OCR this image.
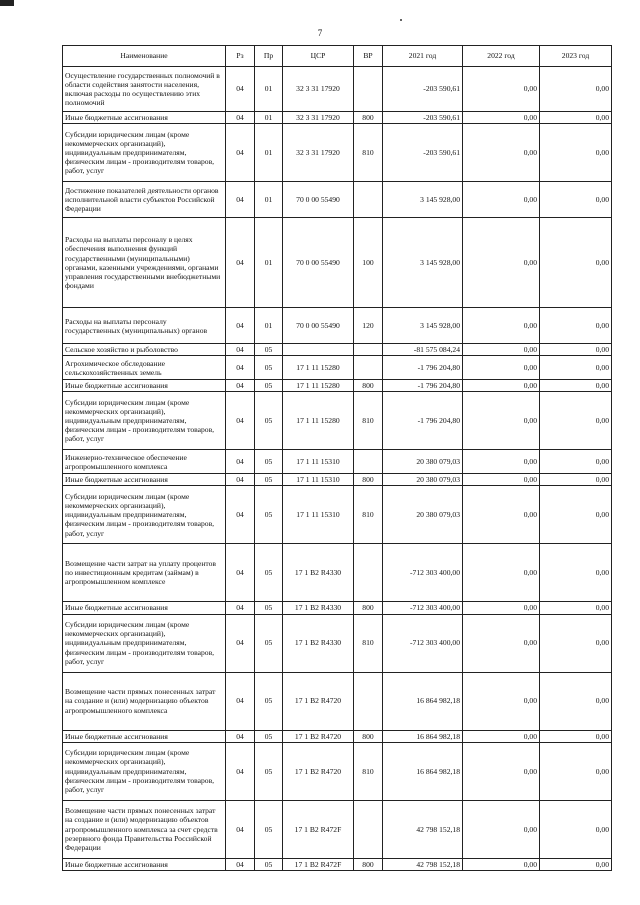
7
Наименование	Рз	Пр	ЦСР	ВР	2021 год	2022 год	2023 год
Осуществление государственных полномочий в области содействия занятости населения, включая расходы по осуществлению этих полномочий	04	01	32 3 31 17920		-203 590,61	0,00	0,00
Иные бюджетные ассигнования	04	01	32 3 31 17920	800	-203 590,61	0,00	0,00
Субсидии юридическим лицам (кроме некоммерческих организаций), индивидуальным предпринимателям, физическим лицам - производителям товаров, работ, услуг	04	01	32 3 31 17920	810	-203 590,61	0,00	0,00
Достижение показателей деятельности органов исполнительной власти субъектов Российской Федерации	04	01	70 0 00 55490		3 145 928,00	0,00	0,00
Расходы на выплаты персоналу в целях обеспечения выполнения функций государственными (муниципальными) органами, казенными учреждениями, органами управления государственными внебюджетными фондами	04	01	70 0 00 55490	100	3 145 928,00	0,00	0,00
Расходы на выплаты персоналу государственных (муниципальных) органов	04	01	70 0 00 55490	120	3 145 928,00	0,00	0,00
Сельское хозяйство и рыболовство	04	05			-81 575 084,24	0,00	0,00
Агрохимическое обследование сельскохозяйственных земель	04	05	17 1 11 15280		-1 796 204,80	0,00	0,00
Иные бюджетные ассигнования	04	05	17 1 11 15280	800	-1 796 204,80	0,00	0,00
Субсидии юридическим лицам (кроме некоммерческих организаций), индивидуальным предпринимателям, физическим лицам - производителям товаров, работ, услуг	04	05	17 1 11 15280	810	-1 796 204,80	0,00	0,00
Инженерно-техническое обеспечение агропромышленного комплекса	04	05	17 1 11 15310		20 380 079,03	0,00	0,00
Иные бюджетные ассигнования	04	05	17 1 11 15310	800	20 380 079,03	0,00	0,00
Субсидии юридическим лицам (кроме некоммерческих организаций), индивидуальным предпринимателям, физическим лицам - производителям товаров, работ, услуг	04	05	17 1 11 15310	810	20 380 079,03	0,00	0,00
Возмещение части затрат на уплату процентов по инвестиционным кредитам (займам) в агропромышленном комплексе	04	05	17 1 B2 R4330		-712 303 400,00	0,00	0,00
Иные бюджетные ассигнования	04	05	17 1 B2 R4330	800	-712 303 400,00	0,00	0,00
Субсидии юридическим лицам (кроме некоммерческих организаций), индивидуальным предпринимателям, физическим лицам - производителям товаров, работ, услуг	04	05	17 1 B2 R4330	810	-712 303 400,00	0,00	0,00
Возмещение части прямых понесенных затрат на создание и (или) модернизацию объектов агропромышленного комплекса	04	05	17 1 B2 R4720		16 864 982,18	0,00	0,00
Иные бюджетные ассигнования	04	05	17 1 B2 R4720	800	16 864 982,18	0,00	0,00
Субсидии юридическим лицам (кроме некоммерческих организаций), индивидуальным предпринимателям, физическим лицам - производителям товаров, работ, услуг	04	05	17 1 B2 R4720	810	16 864 982,18	0,00	0,00
Возмещение части прямых понесенных затрат на создание и (или) модернизацию объектов агропромышленного комплекса за счет средств резервного фонда Правительства Российской Федерации	04	05	17 1 B2 R472F		42 798 152,18	0,00	0,00
Иные бюджетные ассигнования	04	05	17 1 B2 R472F	800	42 798 152,18	0,00	0,00
